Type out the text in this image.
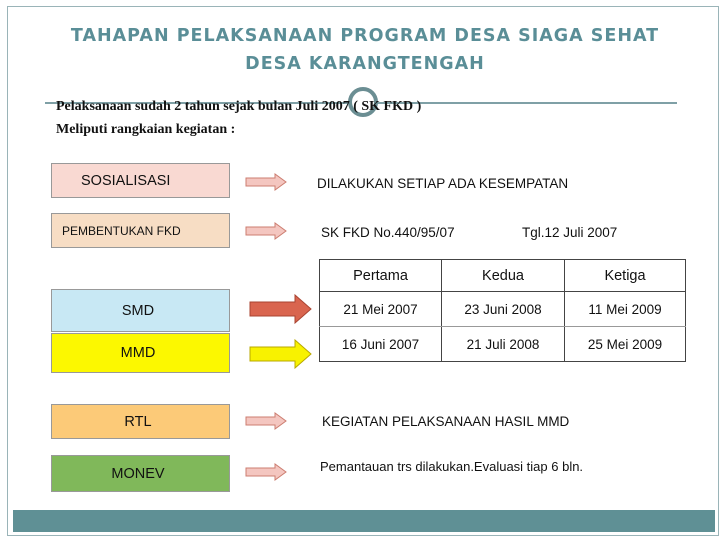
TAHAPAN PELAKSANAAN PROGRAM DESA SIAGA SEHAT
DESA KARANGTENGAH
Pelaksanaan sudah 2 tahun sejak bulan Juli 2007 ( SK FKD )
Meliputi rangkaian kegiatan :
SOSIALISASI
PEMBENTUKAN FKD
SMD
MMD
RTL
MONEV
DILAKUKAN SETIAP ADA KESEMPATAN
SK FKD No.440/95/07	Tgl.12 Juli 2007
KEGIATAN PELAKSANAAN HASIL MMD
Pemantauan trs dilakukan.Evaluasi tiap 6 bln.
Pertama	Kedua	Ketiga
21 Mei 2007	23 Juni 2008	11 Mei 2009
16 Juni 2007	21 Juli 2008	25 Mei 2009
